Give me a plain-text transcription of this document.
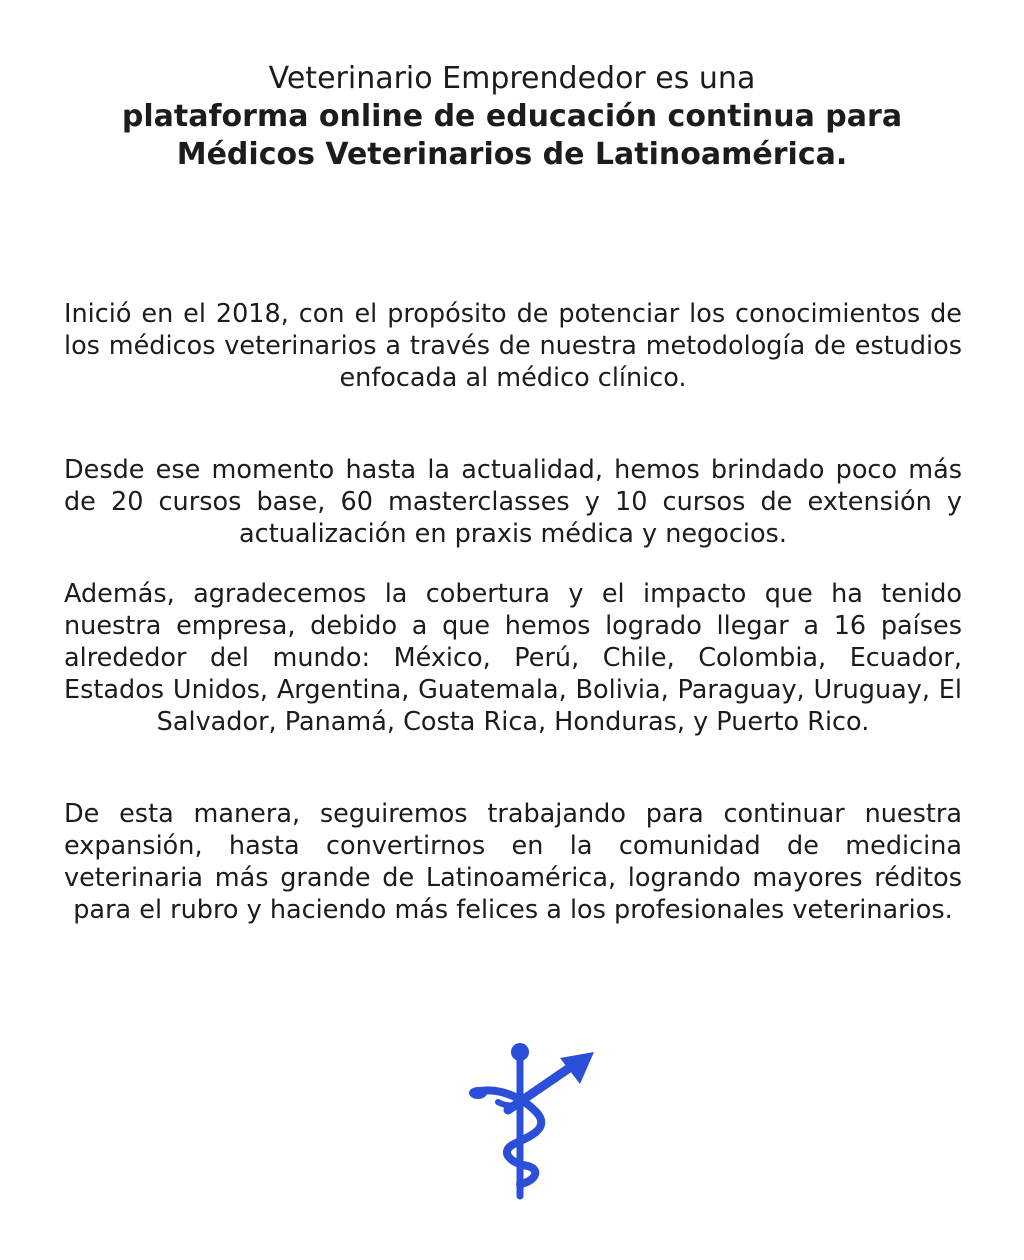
Veterinario Emprendedor es una
plataforma online de educación continua para Médicos Veterinarios de Latinoamérica.

Inició en el 2018, con el propósito de potenciar los conocimientos de los médicos veterinarios a través de nuestra metodología de estudios enfocada al médico clínico.

Desde ese momento hasta la actualidad, hemos brindado poco más de 20 cursos base, 60 masterclasses y 10 cursos de extensión y actualización en praxis médica y negocios.

Además, agradecemos la cobertura y el impacto que ha tenido nuestra empresa, debido a que hemos logrado llegar a 16 países alrededor del mundo: México, Perú, Chile, Colombia, Ecuador, Estados Unidos, Argentina, Guatemala, Bolivia, Paraguay, Uruguay, El Salvador, Panamá, Costa Rica, Honduras, y Puerto Rico.

De esta manera, seguiremos trabajando para continuar nuestra expansión, hasta convertirnos en la comunidad de medicina veterinaria más grande de Latinoamérica, logrando mayores réditos para el rubro y haciendo más felices a los profesionales veterinarios.
